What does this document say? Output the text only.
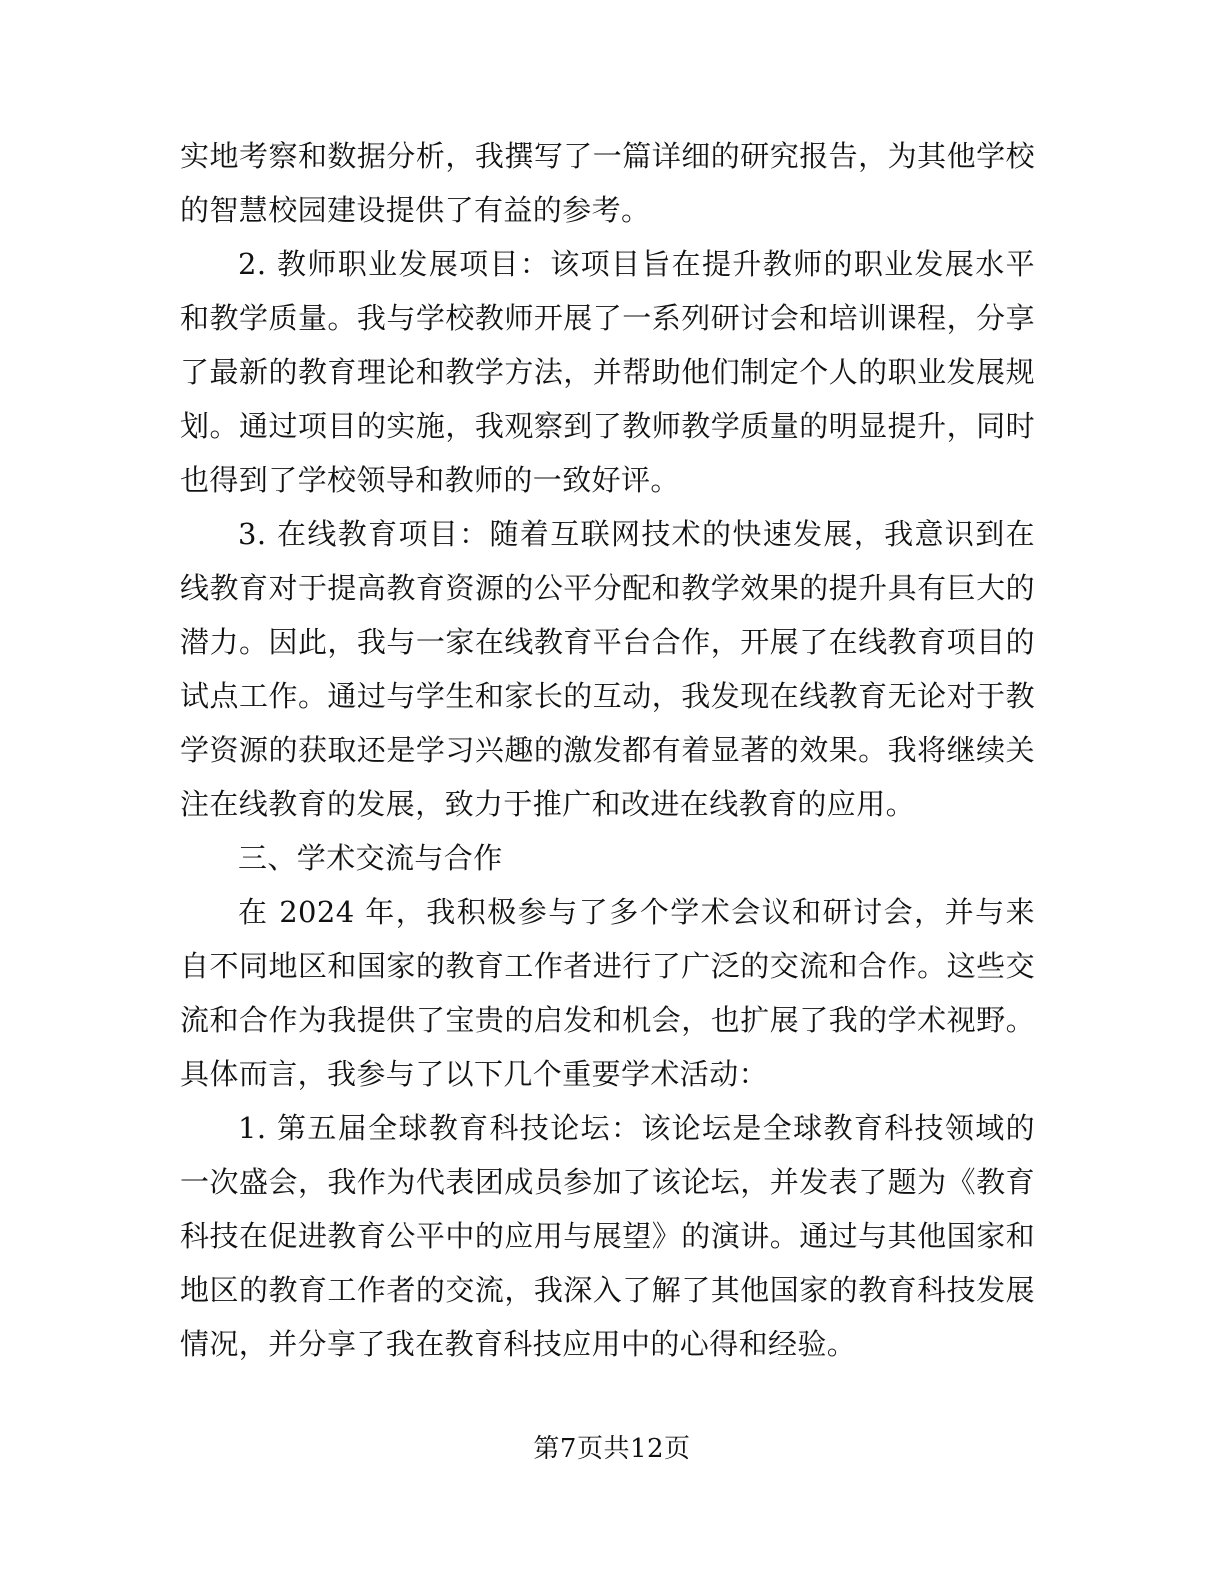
实地考察和数据分析，我撰写了一篇详细的研究报告，为其他学校的智慧校园建设提供了有益的参考。

2. 教师职业发展项目：该项目旨在提升教师的职业发展水平和教学质量。我与学校教师开展了一系列研讨会和培训课程，分享了最新的教育理论和教学方法，并帮助他们制定个人的职业发展规划。通过项目的实施，我观察到了教师教学质量的明显提升，同时也得到了学校领导和教师的一致好评。

3. 在线教育项目：随着互联网技术的快速发展，我意识到在线教育对于提高教育资源的公平分配和教学效果的提升具有巨大的潜力。因此，我与一家在线教育平台合作，开展了在线教育项目的试点工作。通过与学生和家长的互动，我发现在线教育无论对于教学资源的获取还是学习兴趣的激发都有着显著的效果。我将继续关注在线教育的发展，致力于推广和改进在线教育的应用。

三、学术交流与合作

在 2024 年，我积极参与了多个学术会议和研讨会，并与来自不同地区和国家的教育工作者进行了广泛的交流和合作。这些交流和合作为我提供了宝贵的启发和机会，也扩展了我的学术视野。具体而言，我参与了以下几个重要学术活动：

1. 第五届全球教育科技论坛：该论坛是全球教育科技领域的一次盛会，我作为代表团成员参加了该论坛，并发表了题为《教育科技在促进教育公平中的应用与展望》的演讲。通过与其他国家和地区的教育工作者的交流，我深入了解了其他国家的教育科技发展情况，并分享了我在教育科技应用中的心得和经验。

第7页共12页
